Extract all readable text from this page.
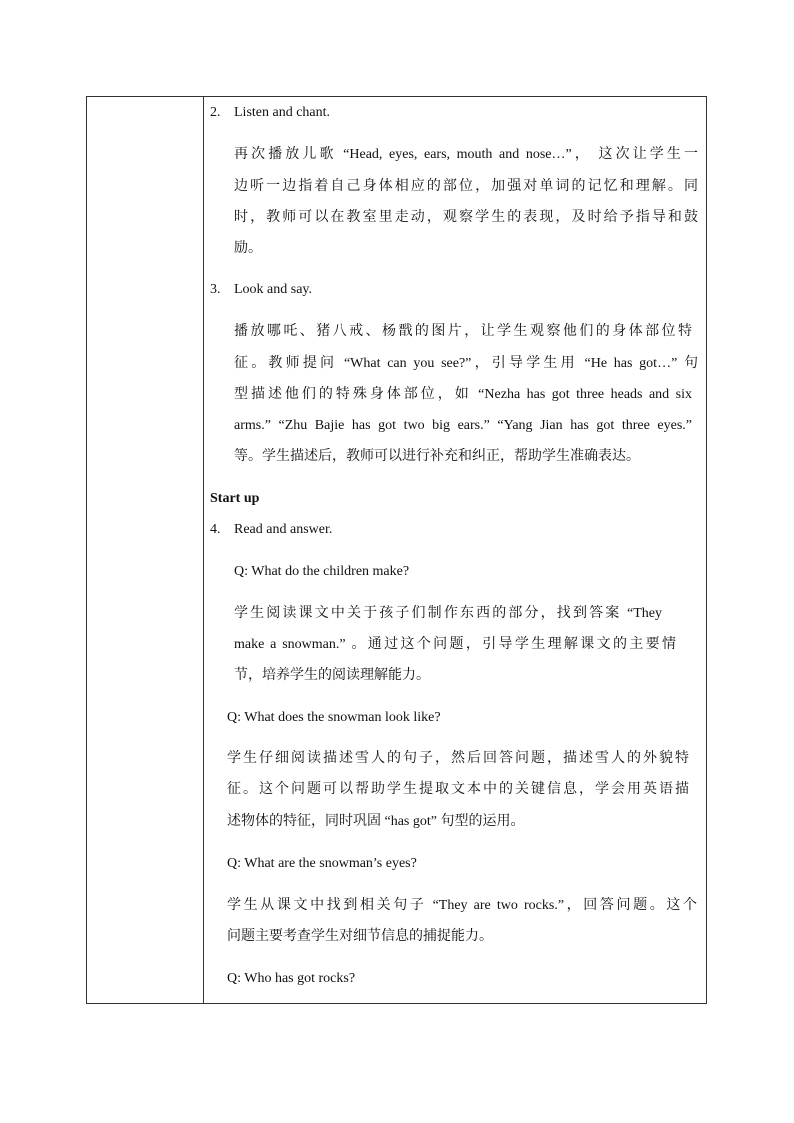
2. Listen and chant.
再次播放儿歌 “Head, eyes, ears, mouth and nose…”， 这次让学生一
边听一边指着自己身体相应的部位，加强对单词的记忆和理解。同
时，教师可以在教室里走动，观察学生的表现，及时给予指导和鼓
励。
3. Look and say.
播放哪吒、猪八戒、杨戬的图片，让学生观察他们的身体部位特
征。教师提问 “What can you see?”，引导学生用 “He has got…” 句
型描述他们的特殊身体部位，如 “Nezha has got three heads and six
arms.” “Zhu Bajie has got two big ears.” “Yang Jian has got three eyes.”
等。学生描述后，教师可以进行补充和纠正，帮助学生准确表达。
Start up
4. Read and answer.
Q: What do the children make?
学生阅读课文中关于孩子们制作东西的部分，找到答案 “They
make a snowman.” 。通过这个问题，引导学生理解课文的主要情
节，培养学生的阅读理解能力。
Q: What does the snowman look like?
学生仔细阅读描述雪人的句子，然后回答问题，描述雪人的外貌特
征。这个问题可以帮助学生提取文本中的关键信息，学会用英语描
述物体的特征，同时巩固 “has got” 句型的运用。
Q: What are the snowman’s eyes?
学生从课文中找到相关句子 “They are two rocks.”，回答问题。这个
问题主要考查学生对细节信息的捕捉能力。
Q: Who has got rocks?
